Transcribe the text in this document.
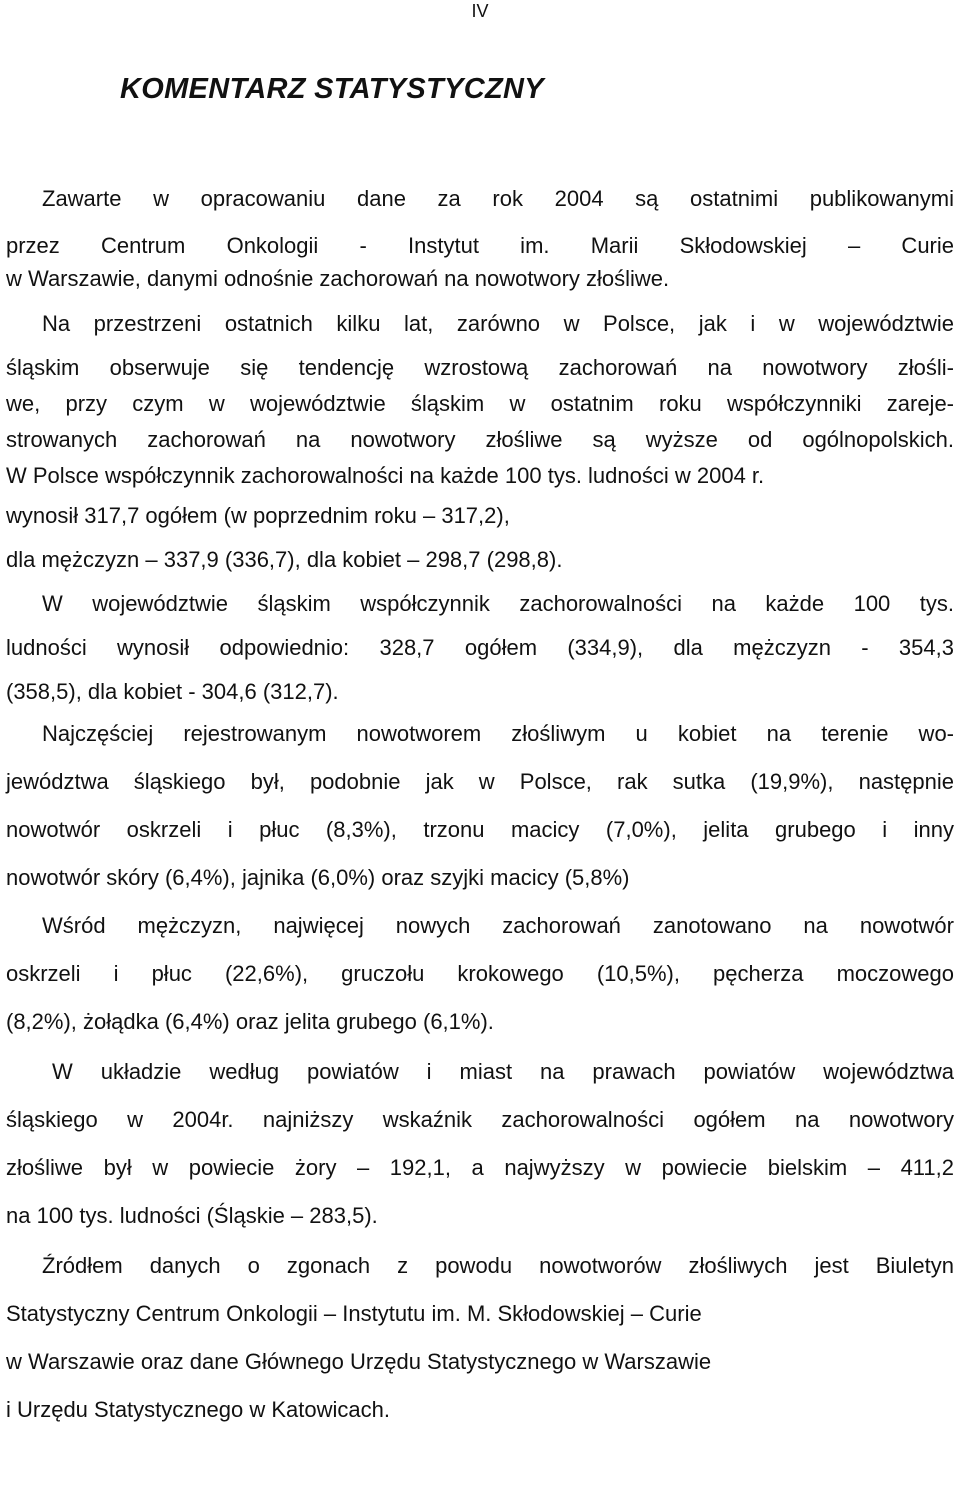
IV
KOMENTARZ STATYSTYCZNY
Zawarte w opracowaniu dane za rok 2004 są ostatnimi publikowanymi
przez Centrum Onkologii - Instytut im. Marii Skłodowskiej – Curie
w Warszawie, danymi odnośnie zachorowań na nowotwory złośliwe.
Na przestrzeni ostatnich kilku lat, zarówno w Polsce, jak i w województwie
śląskim obserwuje się tendencję wzrostową zachorowań na nowotwory złośli-
we, przy czym w województwie śląskim w ostatnim roku współczynniki zareje-
strowanych zachorowań na nowotwory złośliwe są wyższe od ogólnopolskich.
W Polsce współczynnik zachorowalności na każde 100 tys. ludności w 2004 r.
wynosił 317,7 ogółem (w poprzednim roku – 317,2),
dla mężczyzn – 337,9 (336,7), dla kobiet – 298,7 (298,8).
W województwie śląskim współczynnik zachorowalności na każde 100 tys.
ludności wynosił odpowiednio: 328,7 ogółem (334,9), dla mężczyzn - 354,3
(358,5), dla kobiet - 304,6 (312,7).
Najczęściej rejestrowanym nowotworem złośliwym u kobiet na terenie wo-
jewództwa śląskiego był, podobnie jak w Polsce, rak sutka (19,9%), następnie
nowotwór oskrzeli i płuc (8,3%), trzonu macicy (7,0%), jelita grubego i inny
nowotwór skóry (6,4%), jajnika (6,0%) oraz szyjki macicy (5,8%)
Wśród mężczyzn, najwięcej nowych zachorowań zanotowano na nowotwór
oskrzeli i płuc (22,6%), gruczołu krokowego (10,5%), pęcherza moczowego
(8,2%), żołądka (6,4%) oraz jelita grubego (6,1%).
W układzie według powiatów i miast na prawach powiatów województwa
śląskiego w 2004r. najniższy wskaźnik zachorowalności ogółem na nowotwory
złośliwe był w powiecie żory – 192,1, a najwyższy w powiecie bielskim – 411,2
na 100 tys. ludności (Śląskie – 283,5).
Źródłem danych o zgonach z powodu nowotworów złośliwych jest Biuletyn
Statystyczny Centrum Onkologii – Instytutu im. M. Skłodowskiej – Curie
w Warszawie oraz dane Głównego Urzędu Statystycznego w Warszawie
i Urzędu Statystycznego w Katowicach.
